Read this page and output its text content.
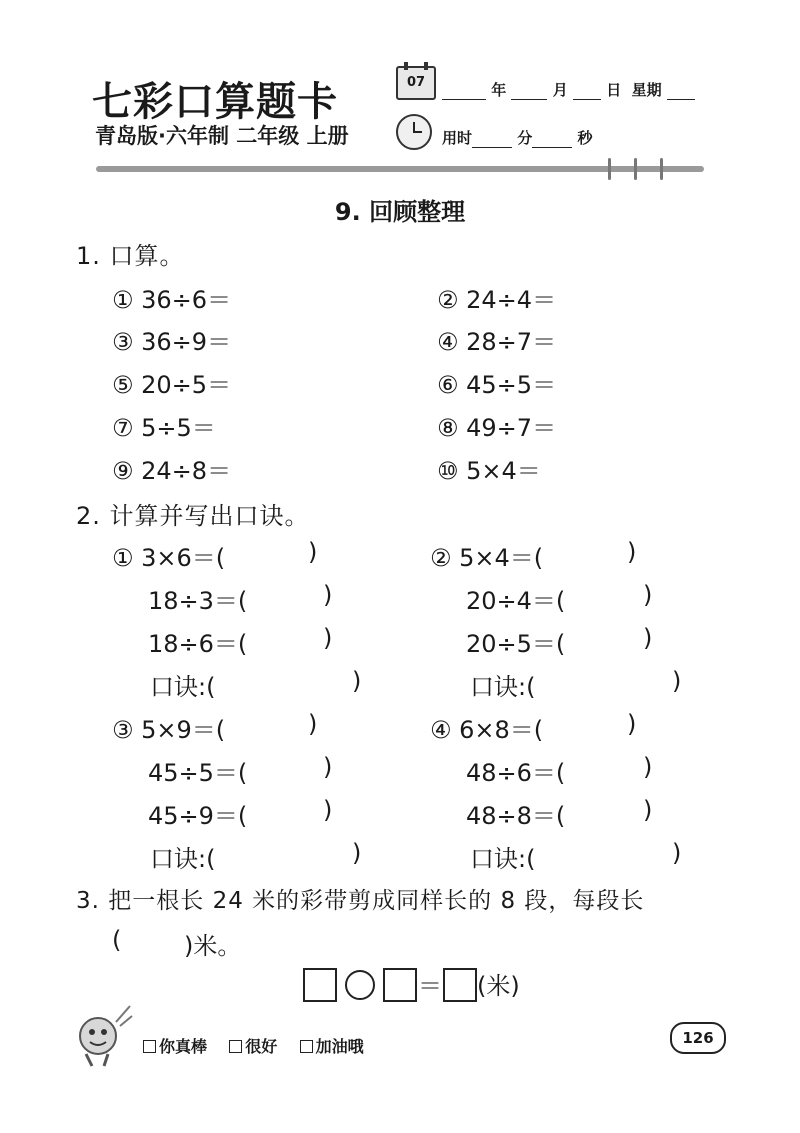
七彩口算题卡
青岛版·六年制 二年级 上册
07	年	月	日 星期
用时	分	秒
9. 回顾整理
1. 口算。
① 36÷6＝	② 24÷4＝
③ 36÷9＝	④ 28÷7＝
⑤ 20÷5＝	⑥ 45÷5＝
⑦ 5÷5＝	⑧ 49÷7＝
⑨ 24÷8＝	⑩ 5×4＝
2. 计算并写出口诀。
① 3×6＝(	)
18÷3＝(	)
18÷6＝(	)
口诀:(	)
② 5×4＝(	)
20÷4＝(	)
20÷5＝(	)
口诀:(	)
③ 5×9＝(	)
45÷5＝(	)
45÷9＝(	)
口诀:(	)
④ 6×8＝(	)
48÷6＝(	)
48÷8＝(	)
口诀:(	)
3. 把一根长 24 米的彩带剪成同样长的 8 段，每段长
(	)米。
＝ (米)
你真棒 很好 加油哦	126
